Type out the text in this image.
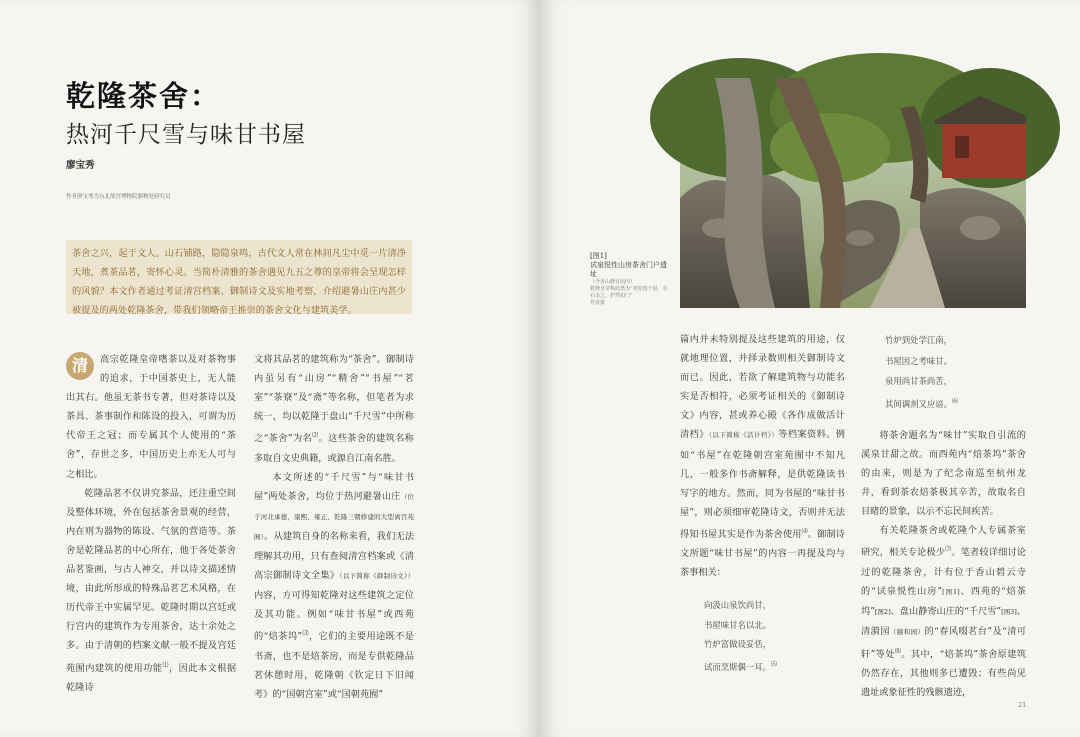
乾隆茶舍：
热河千尺雪与味甘书屋
廖宝秀
作者廖宝秀为台北故宫博物院器物处研究员
茶舍之兴，起于文人。山石铺路，隐隐泉鸣，古代文人常在林间凡尘中觅一片清净天地，煮茶品茗，寄怀心灵。当简朴清雅的茶舍遇见九五之尊的皇帝将会呈现怎样的风貌？本文作者通过考证清宫档案、御制诗文及实地考察，介绍避暑山庄内甚少被提及的两处乾隆茶舍，带我们领略帝王推崇的茶舍文化与建筑美学。

清	高宗乾隆皇帝嗜茶以及对茶物事的追求，于中国茶史上，无人能出其右。他虽无茶书专著，但对茶诗以及茶具、茶事制作和陈设的投入，可谓为历代帝王之冠；而专属其个人使用的“茶舍”，存世之多，中国历史上亦无人可与之相比。

乾隆品茗不仅讲究茶品，还注重空间及整体环境，外在包括茶舍景观的经营，内在则为器物的陈设、气氛的营造等。茶舍是乾隆品茗的中心所在，他于各处茶舍品茗鉴画，与古人神交，并以诗文描述情境，由此所形成的特殊品茗艺术风格，在历代帝王中实属罕见。乾隆时期以宫廷或行宫内的建筑作为专用茶舍，达十余处之多。由于清朝的档案文献一般不提及宫廷苑囿内建筑的使用功能⑴，因此本文根据乾隆诗

文将其品茗的建筑称为“茶舍”。御制诗内虽另有“山房”“精舍”“书屋”“茗室”“茶寮”及“斋”等名称，但笔者为求统一，均以乾隆于盘山“千尺雪”中所称之“茶舍”为名⑵。这些茶舍的建筑名称多取自文史典籍，或源自江南名胜。

本文所述的“千尺雪”与“味甘书屋”两处茶舍，均位于热河避暑山庄（位于河北承德，康熙、雍正、乾隆三朝修建的大型离宫苑囿）。从建筑自身的名称来看，我们无法理解其功用，只有查阅清宫档案或《清高宗御制诗文全集》（以下简称《御制诗文》）内容，方可得知乾隆对这些建筑之定位及其功能。例如“味甘书屋”或西苑的“焙茶坞”⑶，它们的主要用途既不是书斋，也不是焙茶房，而是专供乾隆品茗休憩时用，乾隆朝《钦定日下旧闻考》的“国朝宫室”或“国朝苑囿”

[图1]
试泉悦性山房茶舍门户遗址
（今香山静宜园内）
乾隆皇帝称此类为“老松枝干侵，有石余之，护然如门”
作者摄

篇内并未特别提及这些建筑的用途，仅就地理位置，并择录数则相关御制诗文而已。因此，若欲了解建筑物与功能名实是否相符，必须考证相关的《御制诗文》内容，甚或养心殿《各作成做活计清档》（以下简称《活计档》）等档案资料。例如“书屋”在乾隆朝宫室苑囿中不知凡几，一般多作书斋解释，是供乾隆读书写字的地方。然而，同为书屋的“味甘书屋”，则必须细审乾隆诗文，否则并无法得知书屋其实是作为茶舍使用⑷。御制诗文所题“味甘书屋”的内容一再提及均与茶事相关：

向汲山泉饮尚甘，
书屋味甘名以北。
竹炉富做设妥恬，
试而烹斯偶一耳。⑸
竹炉到处学江南，
书屋因之考味甘。
泉用尚甘茶尚苦，
其间调剂又应谙。⑹

将茶舍题名为“味甘”实取自引流的溪泉甘甜之故。而西苑内“焙茶坞”茶舍的由来，则是为了纪念南巡至杭州龙井，看到茶农焙茶极其辛苦，故取名自目睹的景象，以示不忘民间疾苦。

有关乾隆茶舍或乾隆个人专属茶室研究，相关专论极少⑺。笔者较详细讨论过的乾隆茶舍，计有位于香山碧云寺的“试泉悦性山房”[图1]、西苑的“焙茶坞”[图2]、盘山静寄山庄的“千尺雪”[图3]、清漪园（颐和园）的“春风啜茗台”及“清可轩”等处⑻。其中，“焙茶坞”茶舍原建筑仍然存在，其他则多已遭毁；有些尚见遗址或象征性的残骸遗迹，

21
